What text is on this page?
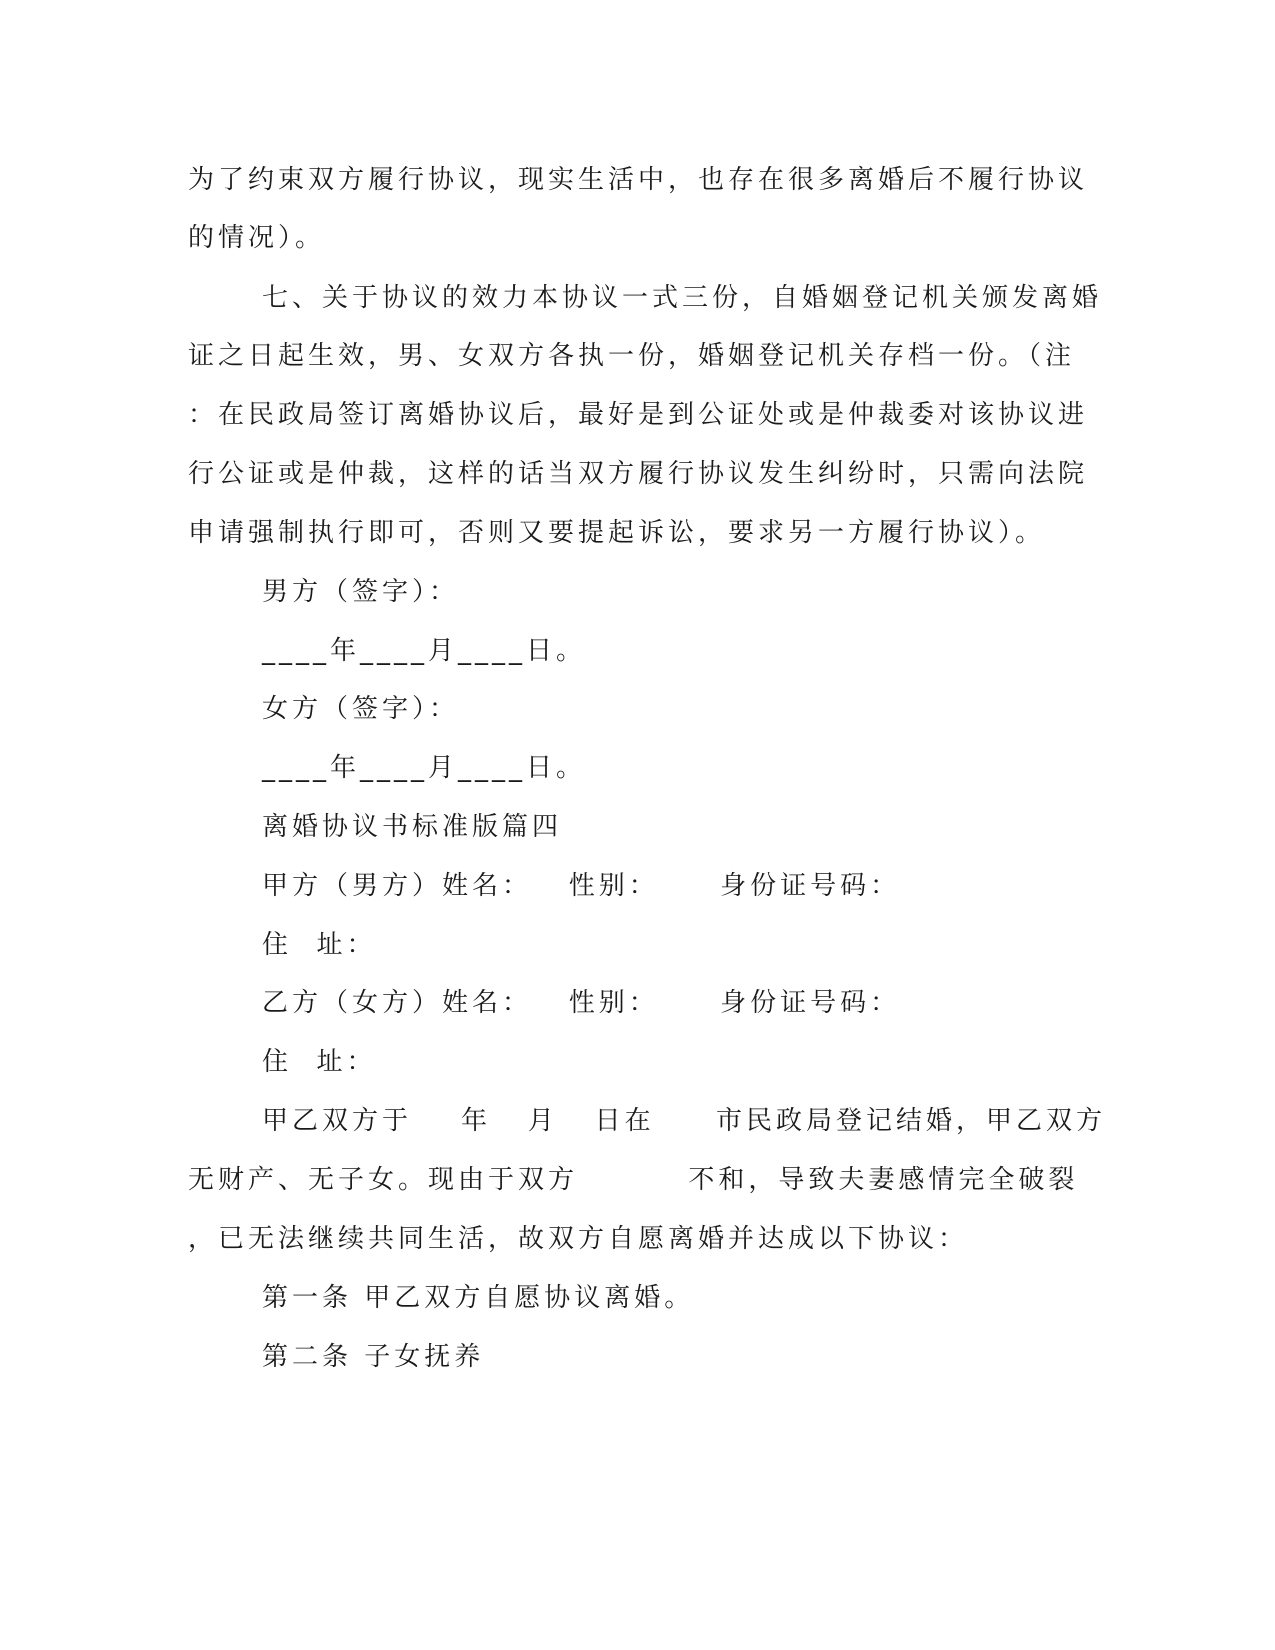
为了约束双方履行协议，现实生活中，也存在很多离婚后不履行协议
的情况）。
七、关于协议的效力本协议一式三份，自婚姻登记机关颁发离婚
证之日起生效，男、女双方各执一份，婚姻登记机关存档一份。（注
：在民政局签订离婚协议后，最好是到公证处或是仲裁委对该协议进
行公证或是仲裁，这样的话当双方履行协议发生纠纷时，只需向法院
申请强制执行即可，否则又要提起诉讼，要求另一方履行协议）。
男方（签字）：
____年____月____日。
女方（签字）：
____年____月____日。
离婚协议书标准版篇四
甲方（男方）姓名：   性别：     身份证号码：
住  址：
乙方（女方）姓名：   性别：     身份证号码：
住  址：
甲乙双方于    年   月   日在     市民政局登记结婚，甲乙双方
无财产、无子女。现由于双方         不和，导致夫妻感情完全破裂
，已无法继续共同生活，故双方自愿离婚并达成以下协议：
第一条 甲乙双方自愿协议离婚。
第二条 子女抚养
